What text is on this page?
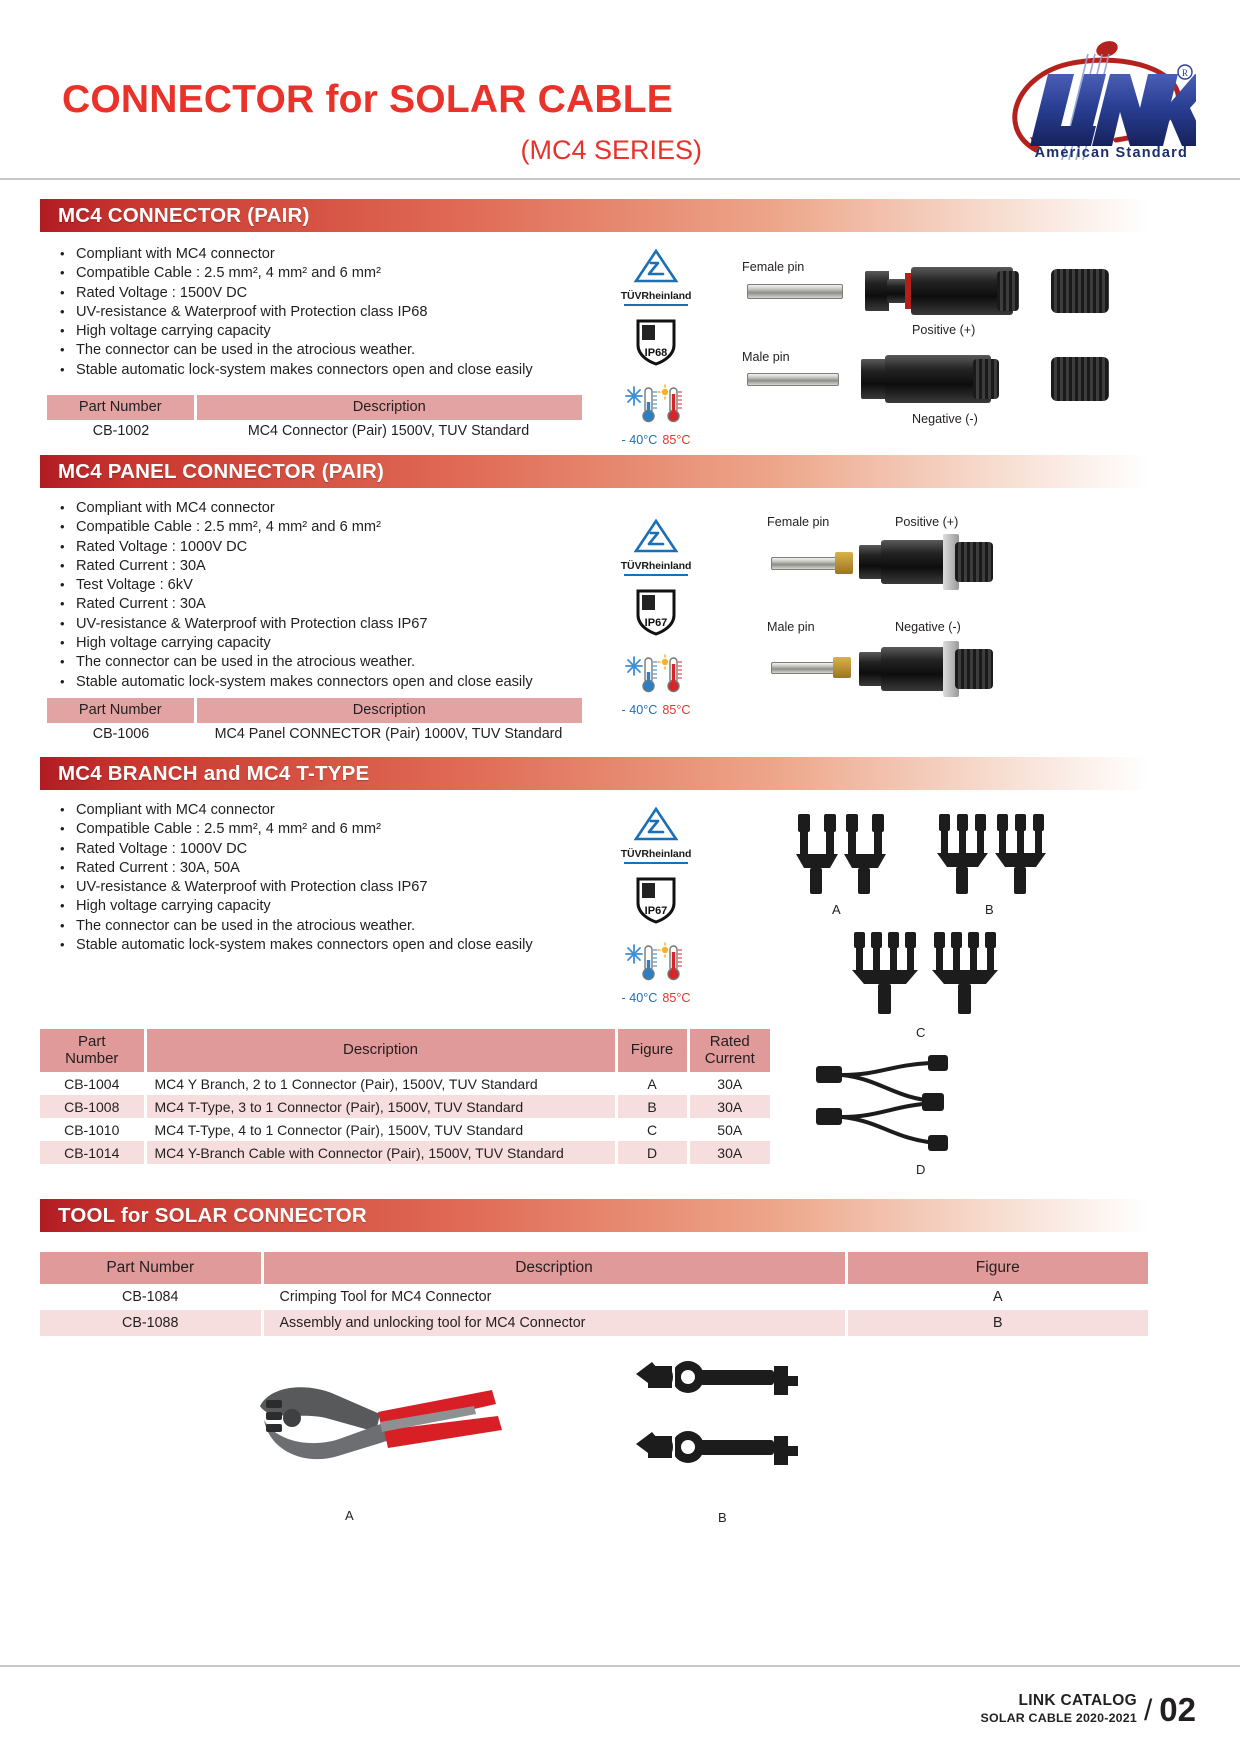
CONNECTOR for SOLAR CABLE
(MC4 SERIES)
R
American Standard
MC4 CONNECTOR (PAIR)
• Compliant with MC4 connector
• Compatible Cable : 2.5 mm², 4 mm² and 6 mm²
• Rated Voltage : 1500V DC
• UV-resistance & Waterproof with Protection class IP68
• High voltage carrying capacity
• The connector can be used in the atrocious weather.
• Stable automatic lock-system makes connectors open and close easily
TÜVRheinland
IP68
- 40°C 85°C
Female pin
Positive (+)
Male pin
Negative (-)
Part Number	Description
CB-1002	MC4 Connector (Pair) 1500V, TUV Standard
MC4 PANEL CONNECTOR (PAIR)
• Compliant with MC4 connector
• Compatible Cable : 2.5 mm², 4 mm² and 6 mm²
• Rated Voltage : 1000V DC
• Rated Current : 30A
• Test Voltage : 6kV
• Rated Current : 30A
• UV-resistance & Waterproof with Protection class IP67
• High voltage carrying capacity
• The connector can be used in the atrocious weather.
• Stable automatic lock-system makes connectors open and close easily
TÜVRheinland
IP67
- 40°C 85°C
Female pin	Positive (+)
Male pin	Negative (-)
Part Number	Description
CB-1006	MC4 Panel CONNECTOR (Pair) 1000V, TUV Standard
MC4 BRANCH and MC4 T-TYPE
• Compliant with MC4 connector
• Compatible Cable : 2.5 mm², 4 mm² and 6 mm²
• Rated Voltage : 1000V DC
• Rated Current : 30A, 50A
• UV-resistance & Waterproof with Protection class IP67
• High voltage carrying capacity
• The connector can be used in the atrocious weather.
• Stable automatic lock-system makes connectors open and close easily
TÜVRheinland
IP67
- 40°C 85°C
A	B
C
D
Part
Number	Description	Figure	Rated
Current

CB-1004	MC4 Y Branch, 2 to 1 Connector (Pair), 1500V, TUV Standard	A	30A
CB-1008	MC4 T-Type, 3 to 1 Connector (Pair), 1500V, TUV Standard	B	30A
CB-1010	MC4 T-Type, 4 to 1 Connector (Pair), 1500V, TUV Standard	C	50A
CB-1014	MC4 Y-Branch Cable with Connector (Pair), 1500V, TUV Standard	D	30A
TOOL for SOLAR CONNECTOR
Part Number	Description	Figure
CB-1084	Crimping Tool for MC4 Connector	A
CB-1088	Assembly and unlocking tool for MC4 Connector	B
A	B
LINK CATALOG
SOLAR CABLE 2020-2021 / 02
